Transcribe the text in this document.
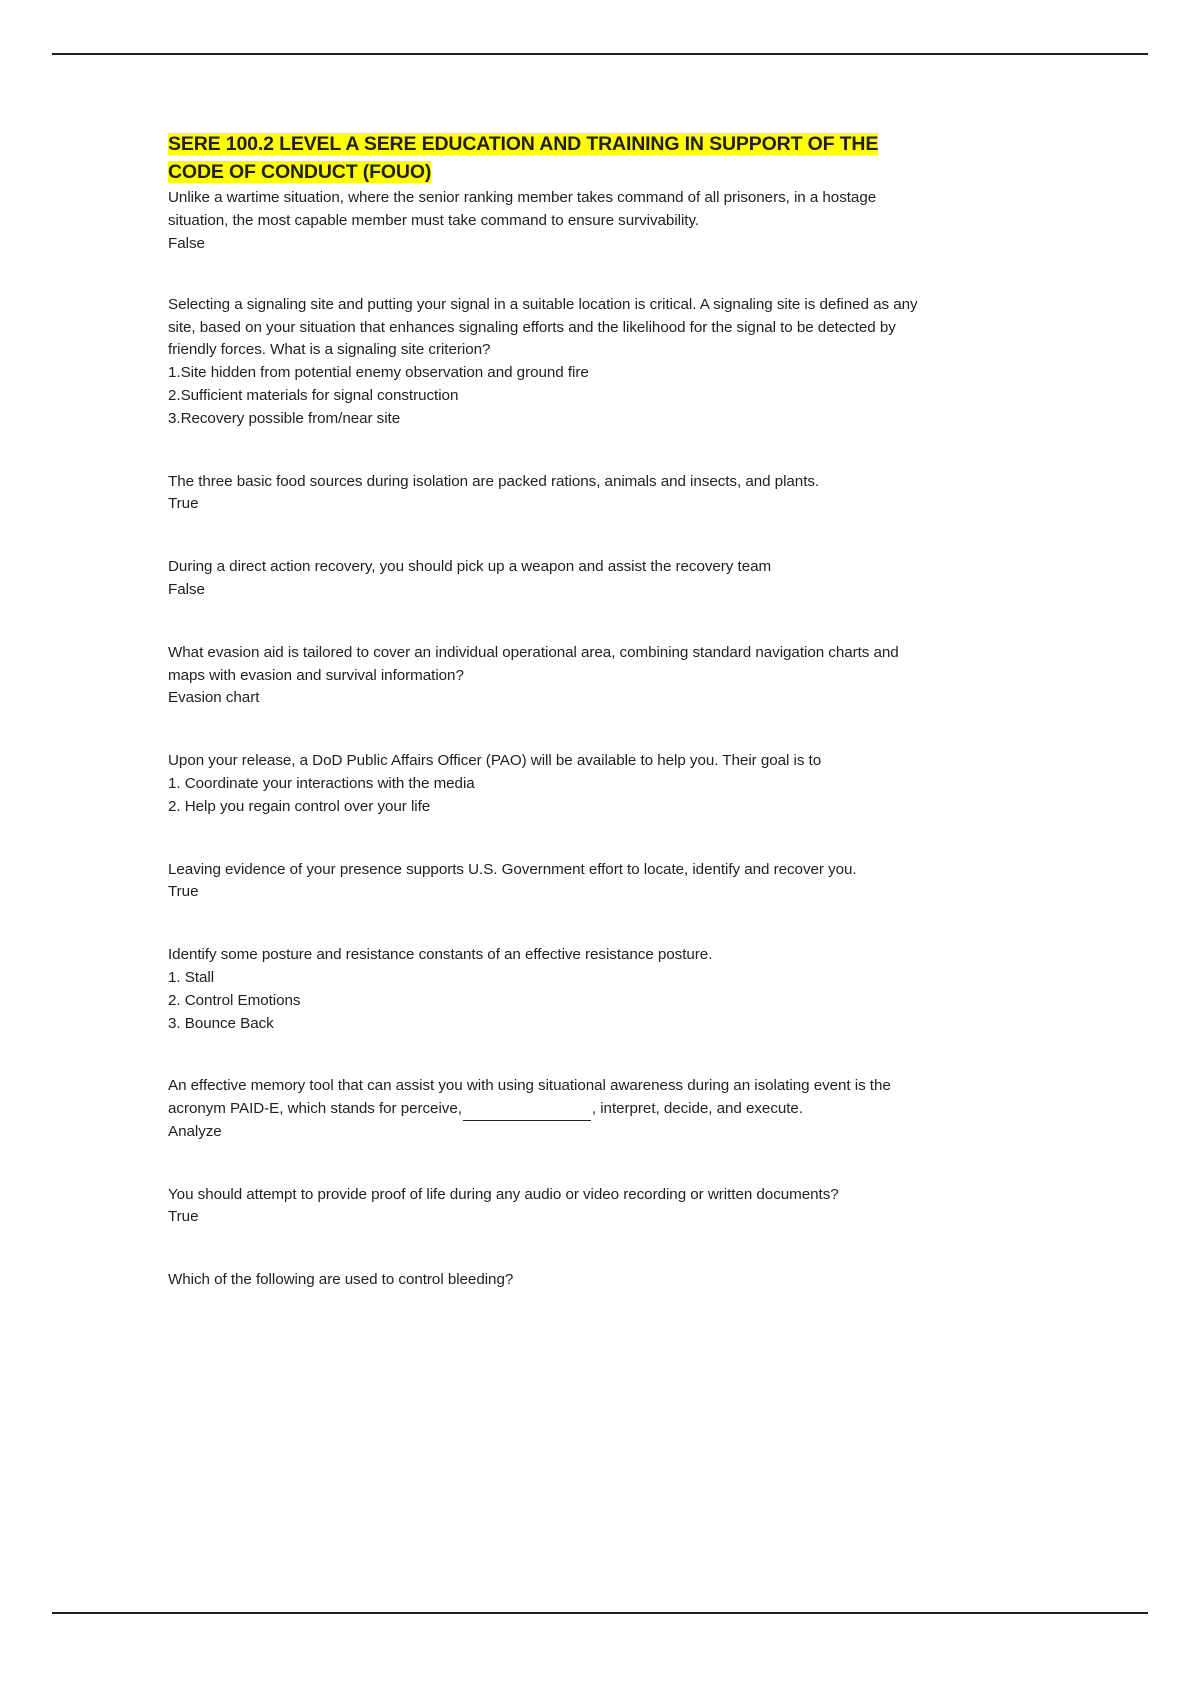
SERE 100.2 LEVEL A SERE EDUCATION AND TRAINING IN SUPPORT OF THE CODE OF CONDUCT (FOUO)

Unlike a wartime situation, where the senior ranking member takes command of all prisoners, in a hostage situation, the most capable member must take command to ensure survivability.

False

Selecting a signaling site and putting your signal in a suitable location is critical. A signaling site is defined as any site, based on your situation that enhances signaling efforts and the likelihood for the signal to be detected by friendly forces. What is a signaling site criterion?

1.Site hidden from potential enemy observation and ground fire

2.Sufficient materials for signal construction

3.Recovery possible from/near site

The three basic food sources during isolation are packed rations, animals and insects, and plants.

True

During a direct action recovery, you should pick up a weapon and assist the recovery team

False

What evasion aid is tailored to cover an individual operational area, combining standard navigation charts and maps with evasion and survival information?

Evasion chart

Upon your release, a DoD Public Affairs Officer (PAO) will be available to help you. Their goal is to

1. Coordinate your interactions with the media

2. Help you regain control over your life

Leaving evidence of your presence supports U.S. Government effort to locate, identify and recover you.

True

Identify some posture and resistance constants of an effective resistance posture.

1. Stall

2. Control Emotions

3. Bounce Back

An effective memory tool that can assist you with using situational awareness during an isolating event is the acronym PAID-E, which stands for perceive,	, interpret, decide, and execute.

Analyze

You should attempt to provide proof of life during any audio or video recording or written documents?

True

Which of the following are used to control bleeding?
